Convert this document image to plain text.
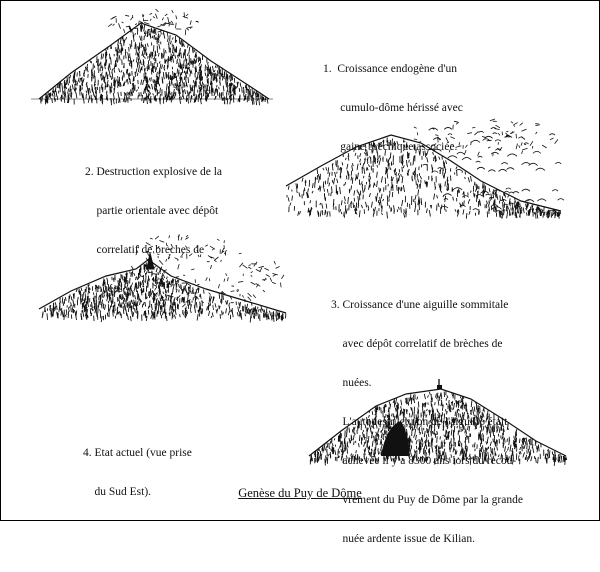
1.  Croissance endogène d'un

cumulo-dôme hérissé avec

gaine bréchique associée.

2. Destruction explosive de la

partie orientale avec dépôt

correlatif de brèches de

nuées.

3. Croissance d'une aiguille sommitale

avec dépôt correlatif de brèches de

nuées.

L'autodestructuion de l'aiguille était

achevée il y a 8300 ans lors du recou-

vrement du Puy de Dôme par la grande

nuée ardente issue de Kilian.

4. Etat actuel (vue prise

du Sud Est).

	Genèse du Puy de Dôme
